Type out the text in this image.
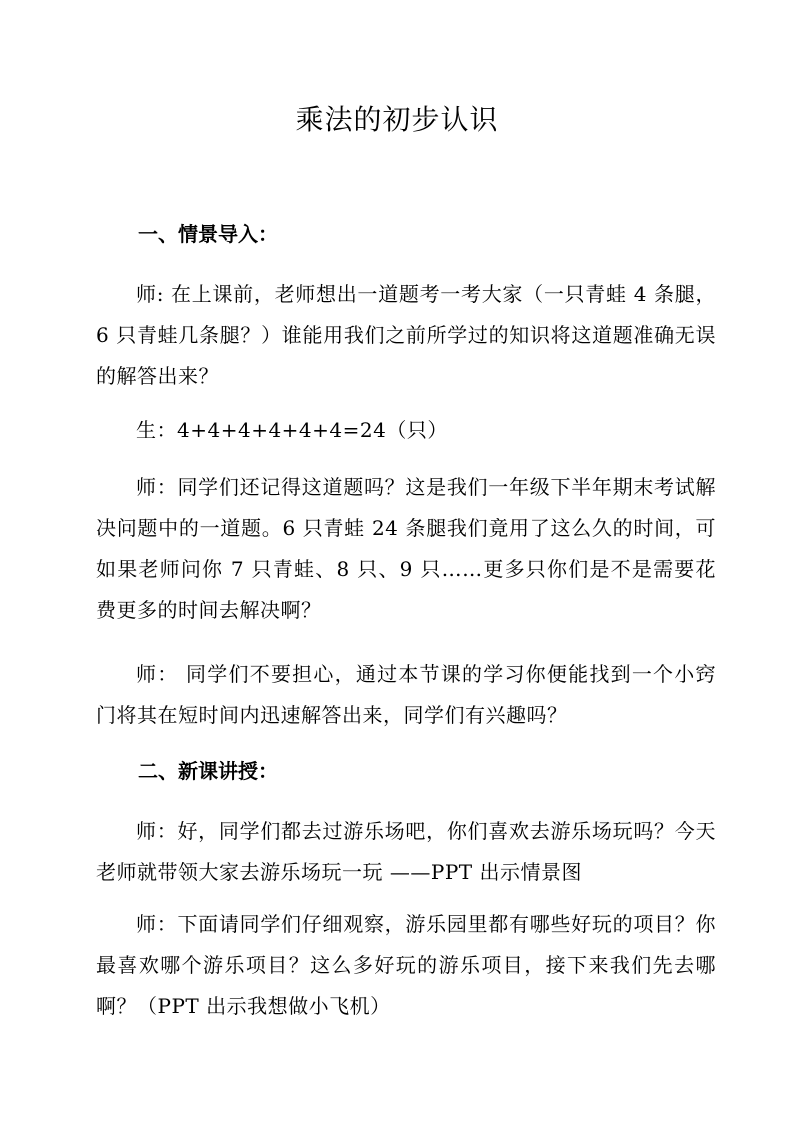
乘法的初步认识
一、情景导入：

师: 在上课前，老师想出一道题考一考大家（一只青蛙 4 条腿，6 只青蛙几条腿？）谁能用我们之前所学过的知识将这道题准确无误的解答出来？

生：4+4+4+4+4+4=24（只）

师：同学们还记得这道题吗？这是我们一年级下半年期末考试解决问题中的一道题。6 只青蛙 24 条腿我们竟用了这么久的时间，可如果老师问你 7 只青蛙、8 只、9 只……更多只你们是不是需要花费更多的时间去解决啊？

师： 同学们不要担心，通过本节课的学习你便能找到一个小窍门将其在短时间内迅速解答出来，同学们有兴趣吗？

二、新课讲授：

师：好，同学们都去过游乐场吧，你们喜欢去游乐场玩吗？今天老师就带领大家去游乐场玩一玩 ——PPT 出示情景图

师：下面请同学们仔细观察，游乐园里都有哪些好玩的项目？你最喜欢哪个游乐项目？这么多好玩的游乐项目，接下来我们先去哪啊？（PPT 出示我想做小飞机）
